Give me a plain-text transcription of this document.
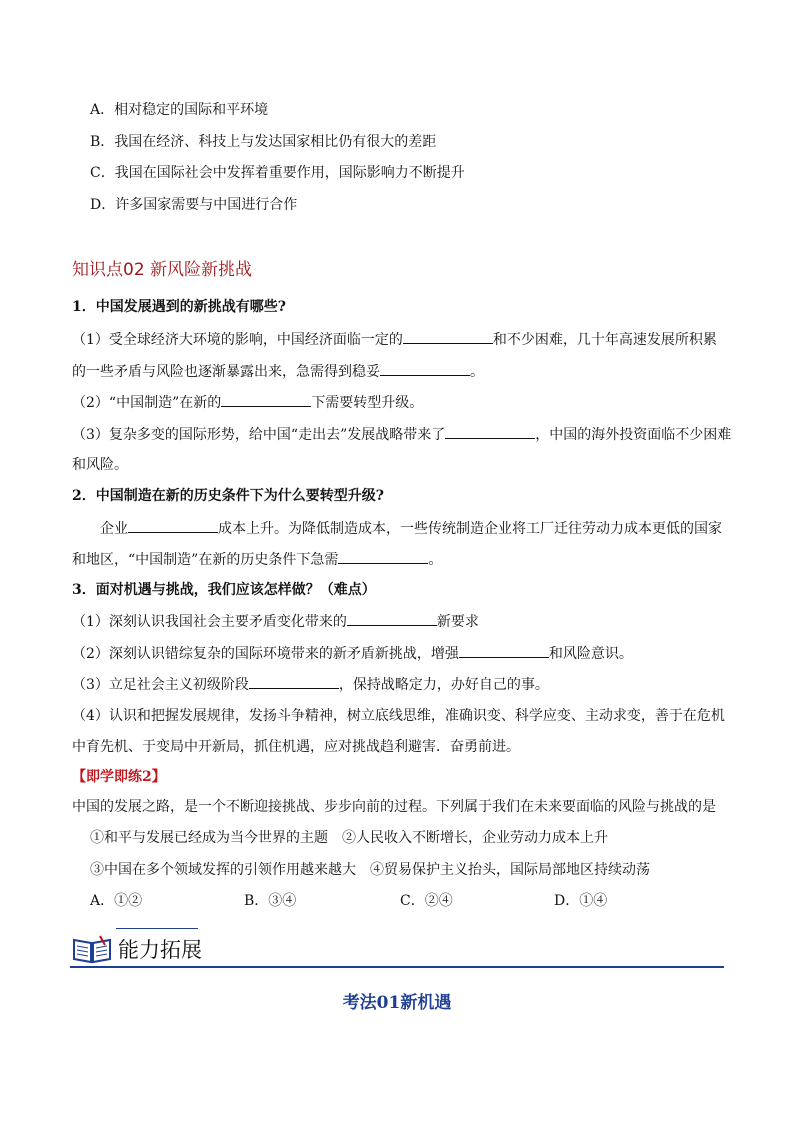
A．相对稳定的国际和平环境
B．我国在经济、科技上与发达国家相比仍有很大的差距
C．我国在国际社会中发挥着重要作用，国际影响力不断提升
D．许多国家需要与中国进行合作
知识点02 新风险新挑战
1．中国发展遇到的新挑战有哪些?
（1）受全球经济大环境的影响，中国经济面临一定的	和不少困难，几十年高速发展所积累
的一些矛盾与风险也逐渐暴露出来，急需得到稳妥	。
（2）“中国制造”在新的	下需要转型升级。
（3）复杂多变的国际形势，给中国“走出去”发展战略带来了	，中国的海外投资面临不少困难
和风险。
2．中国制造在新的历史条件下为什么要转型升级?
企业	成本上升。为降低制造成本，一些传统制造企业将工厂迁往劳动力成本更低的国家
和地区，“中国制造”在新的历史条件下急需	。
3．面对机遇与挑战，我们应该怎样做？（难点）
（1）深刻认识我国社会主要矛盾变化带来的	新要求
（2）深刻认识错综复杂的国际环境带来的新矛盾新挑战，增强	和风险意识。
（3）立足社会主义初级阶段	，保持战略定力，办好自己的事。
（4）认识和把握发展规律，发扬斗争精神，树立底线思维，准确识变、科学应变、主动求变，善于在危机
中育先机、于变局中开新局，抓住机遇，应对挑战趋利避害．奋勇前进。
【即学即练2】
中国的发展之路，是一个不断迎接挑战、步步向前的过程。下列属于我们在未来要面临的风险与挑战的是
①和平与发展已经成为当今世界的主题　②人民收入不断增长，企业劳动力成本上升
③中国在多个领域发挥的引领作用越来越大　④贸易保护主义抬头，国际局部地区持续动荡
A．①②	B．③④	C．②④	D．①④
能力拓展
考法01新机遇
